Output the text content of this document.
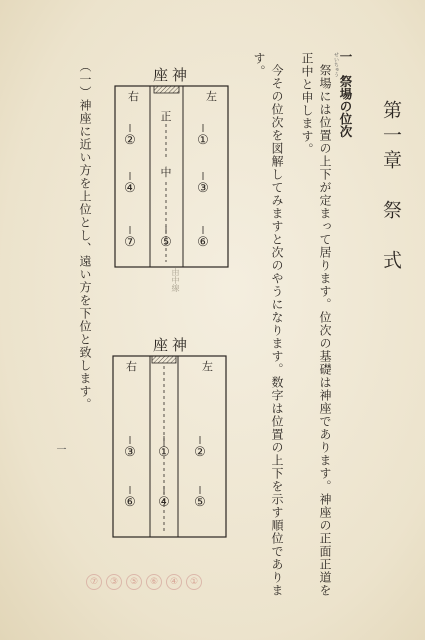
第一章　祭　式
一　祭場の位次
せいちゅう
祭場には位置の上下が定まって居ります。位次の基礎は神座であります。神座の正面正道を
正中と申します。
今その位次を図解してみますと次のやうになります。数字は位置の上下を示す順位でありま
す。
座神
右	左
正
中
②	①
④	③
⑦ ⑤ ⑥
由中線
座神
右	左
③ ① ②
⑥ ④ ⑤
（一）神座に近い方を上位とし、遠い方を下位と致します。
一
⑦	③	⑤	⑥	④	①
